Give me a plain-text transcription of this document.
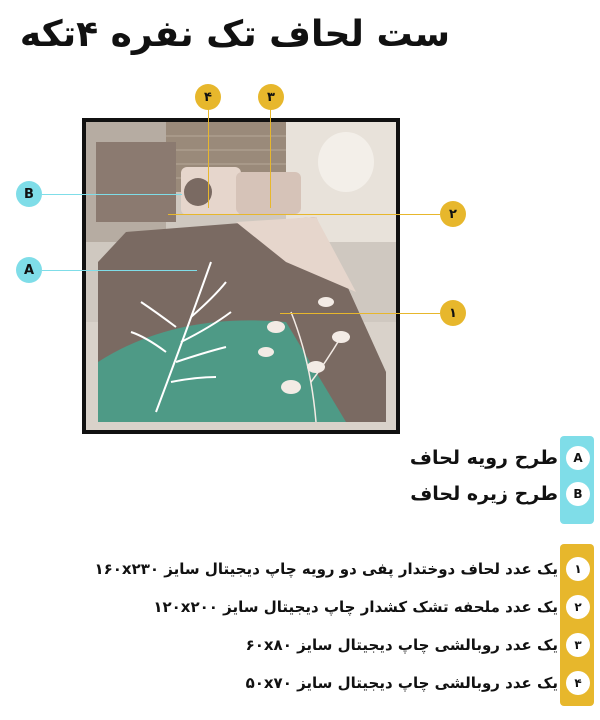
ست لحاف تک نفره ۴تکه
۴	۳
۲
۱
B
A
A
طرح رویه لحاف
B
طرح زیره لحاف
۱
یک عدد لحاف دوختدار پفی دو رویه چاپ دیجیتال سایز ۱۶۰x۲۳۰
۲
یک عدد ملحفه تشک کشدار چاپ دیجیتال سایز ۱۲۰x۲۰۰
۳
یک عدد روبالشی چاپ دیجیتال سایز ۶۰x۸۰
۴
یک عدد روبالشی چاپ دیجیتال سایز ۵۰x۷۰
